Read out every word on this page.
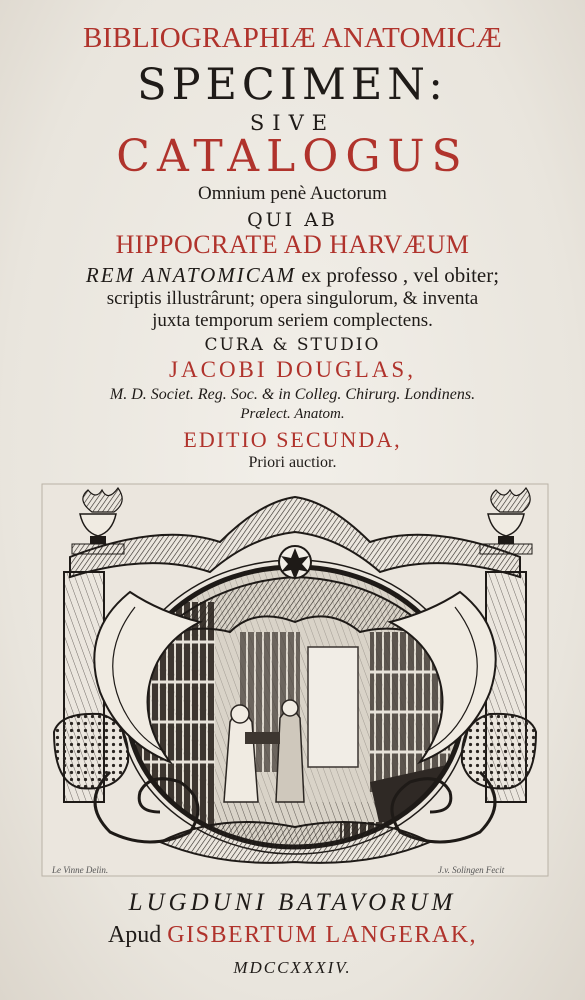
BIBLIOGRAPHIÆ ANATOMICÆ
SPECIMEN:
SIVE
CATALOGUS
Omnium penè Auctorum
QUI AB
HIPPOCRATE AD HARVÆUM
REM ANATOMICAM ex professo , vel obiter;
scriptis illustrârunt; opera singulorum, & inventa
juxta temporum seriem complectens.
CURA & STUDIO
JACOBI DOUGLAS,
M. D. Societ. Reg. Soc. & in Colleg. Chirurg. Londinens.
Prælect. Anatom.
EDITIO SECUNDA,
Priori auctior.
Le Vinne Delin.	J.v. Solingen Fecit
LUGDUNI BATAVORUM
Apud GISBERTUM LANGERAK,
MDCCXXXIV.
